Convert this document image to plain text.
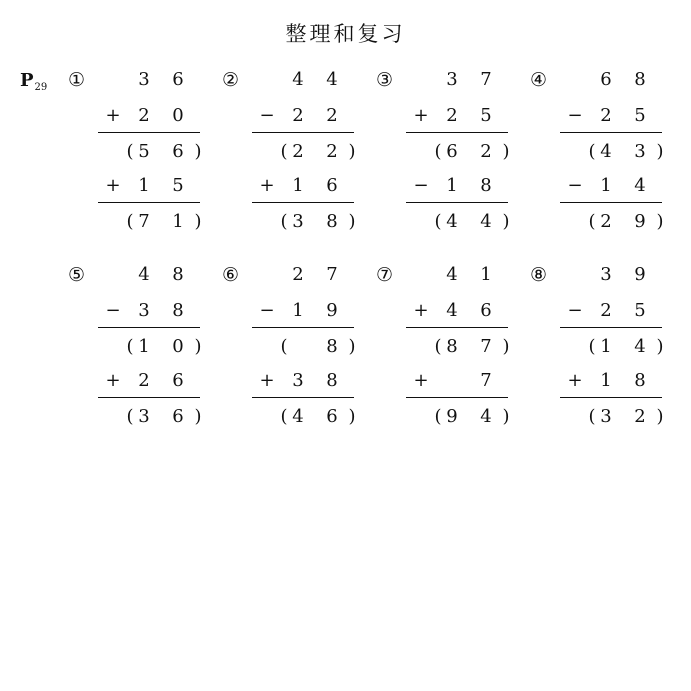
整理和复习
$P_{29}$ ①	3 6
+ 2 0
( 5 6 )
+ 1 5
( 7 1 )
②	4 4
− 2 2
( 2 2 )
+ 1 6
( 3 8 )
③	3 7
+ 2 5
( 6 2 )
− 1 8
( 4 4 )
④	6 8
− 2 5
( 4 3 )
− 1 4
( 2 9 )
⑤	4 8
− 3 8
( 1 0 )
+ 2 6
( 3 6 )
⑥	2 7
− 1 9
( 8 )
+ 3 8
( 4 6 )
⑦	4 1
+ 4 6
( 8 7 )
+	7
( 9 4 )
⑧	3 9
− 2 5
( 1 4 )
+ 1 8
( 3 2 )
